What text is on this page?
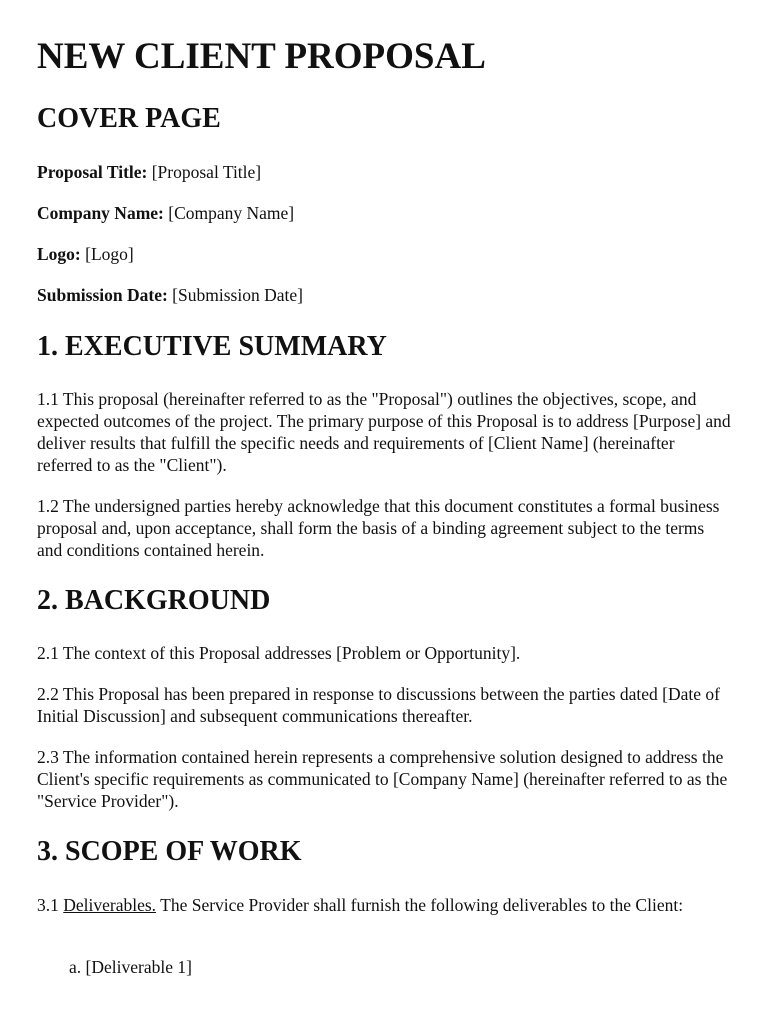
NEW CLIENT PROPOSAL
COVER PAGE

Proposal Title: [Proposal Title]

Company Name: [Company Name]

Logo: [Logo]

Submission Date: [Submission Date]

1. EXECUTIVE SUMMARY

1.1 This proposal (hereinafter referred to as the "Proposal") outlines the objectives, scope, and expected outcomes of the project. The primary purpose of this Proposal is to address [Purpose] and deliver results that fulfill the specific needs and requirements of [Client Name] (hereinafter referred to as the "Client").

1.2 The undersigned parties hereby acknowledge that this document constitutes a formal business proposal and, upon acceptance, shall form the basis of a binding agreement subject to the terms and conditions contained herein.

2. BACKGROUND

2.1 The context of this Proposal addresses [Problem or Opportunity].

2.2 This Proposal has been prepared in response to discussions between the parties dated [Date of Initial Discussion] and subsequent communications thereafter.

2.3 The information contained herein represents a comprehensive solution designed to address the Client's specific requirements as communicated to [Company Name] (hereinafter referred to as the "Service Provider").

3. SCOPE OF WORK

3.1 Deliverables. The Service Provider shall furnish the following deliverables to the Client:

a. [Deliverable 1]
